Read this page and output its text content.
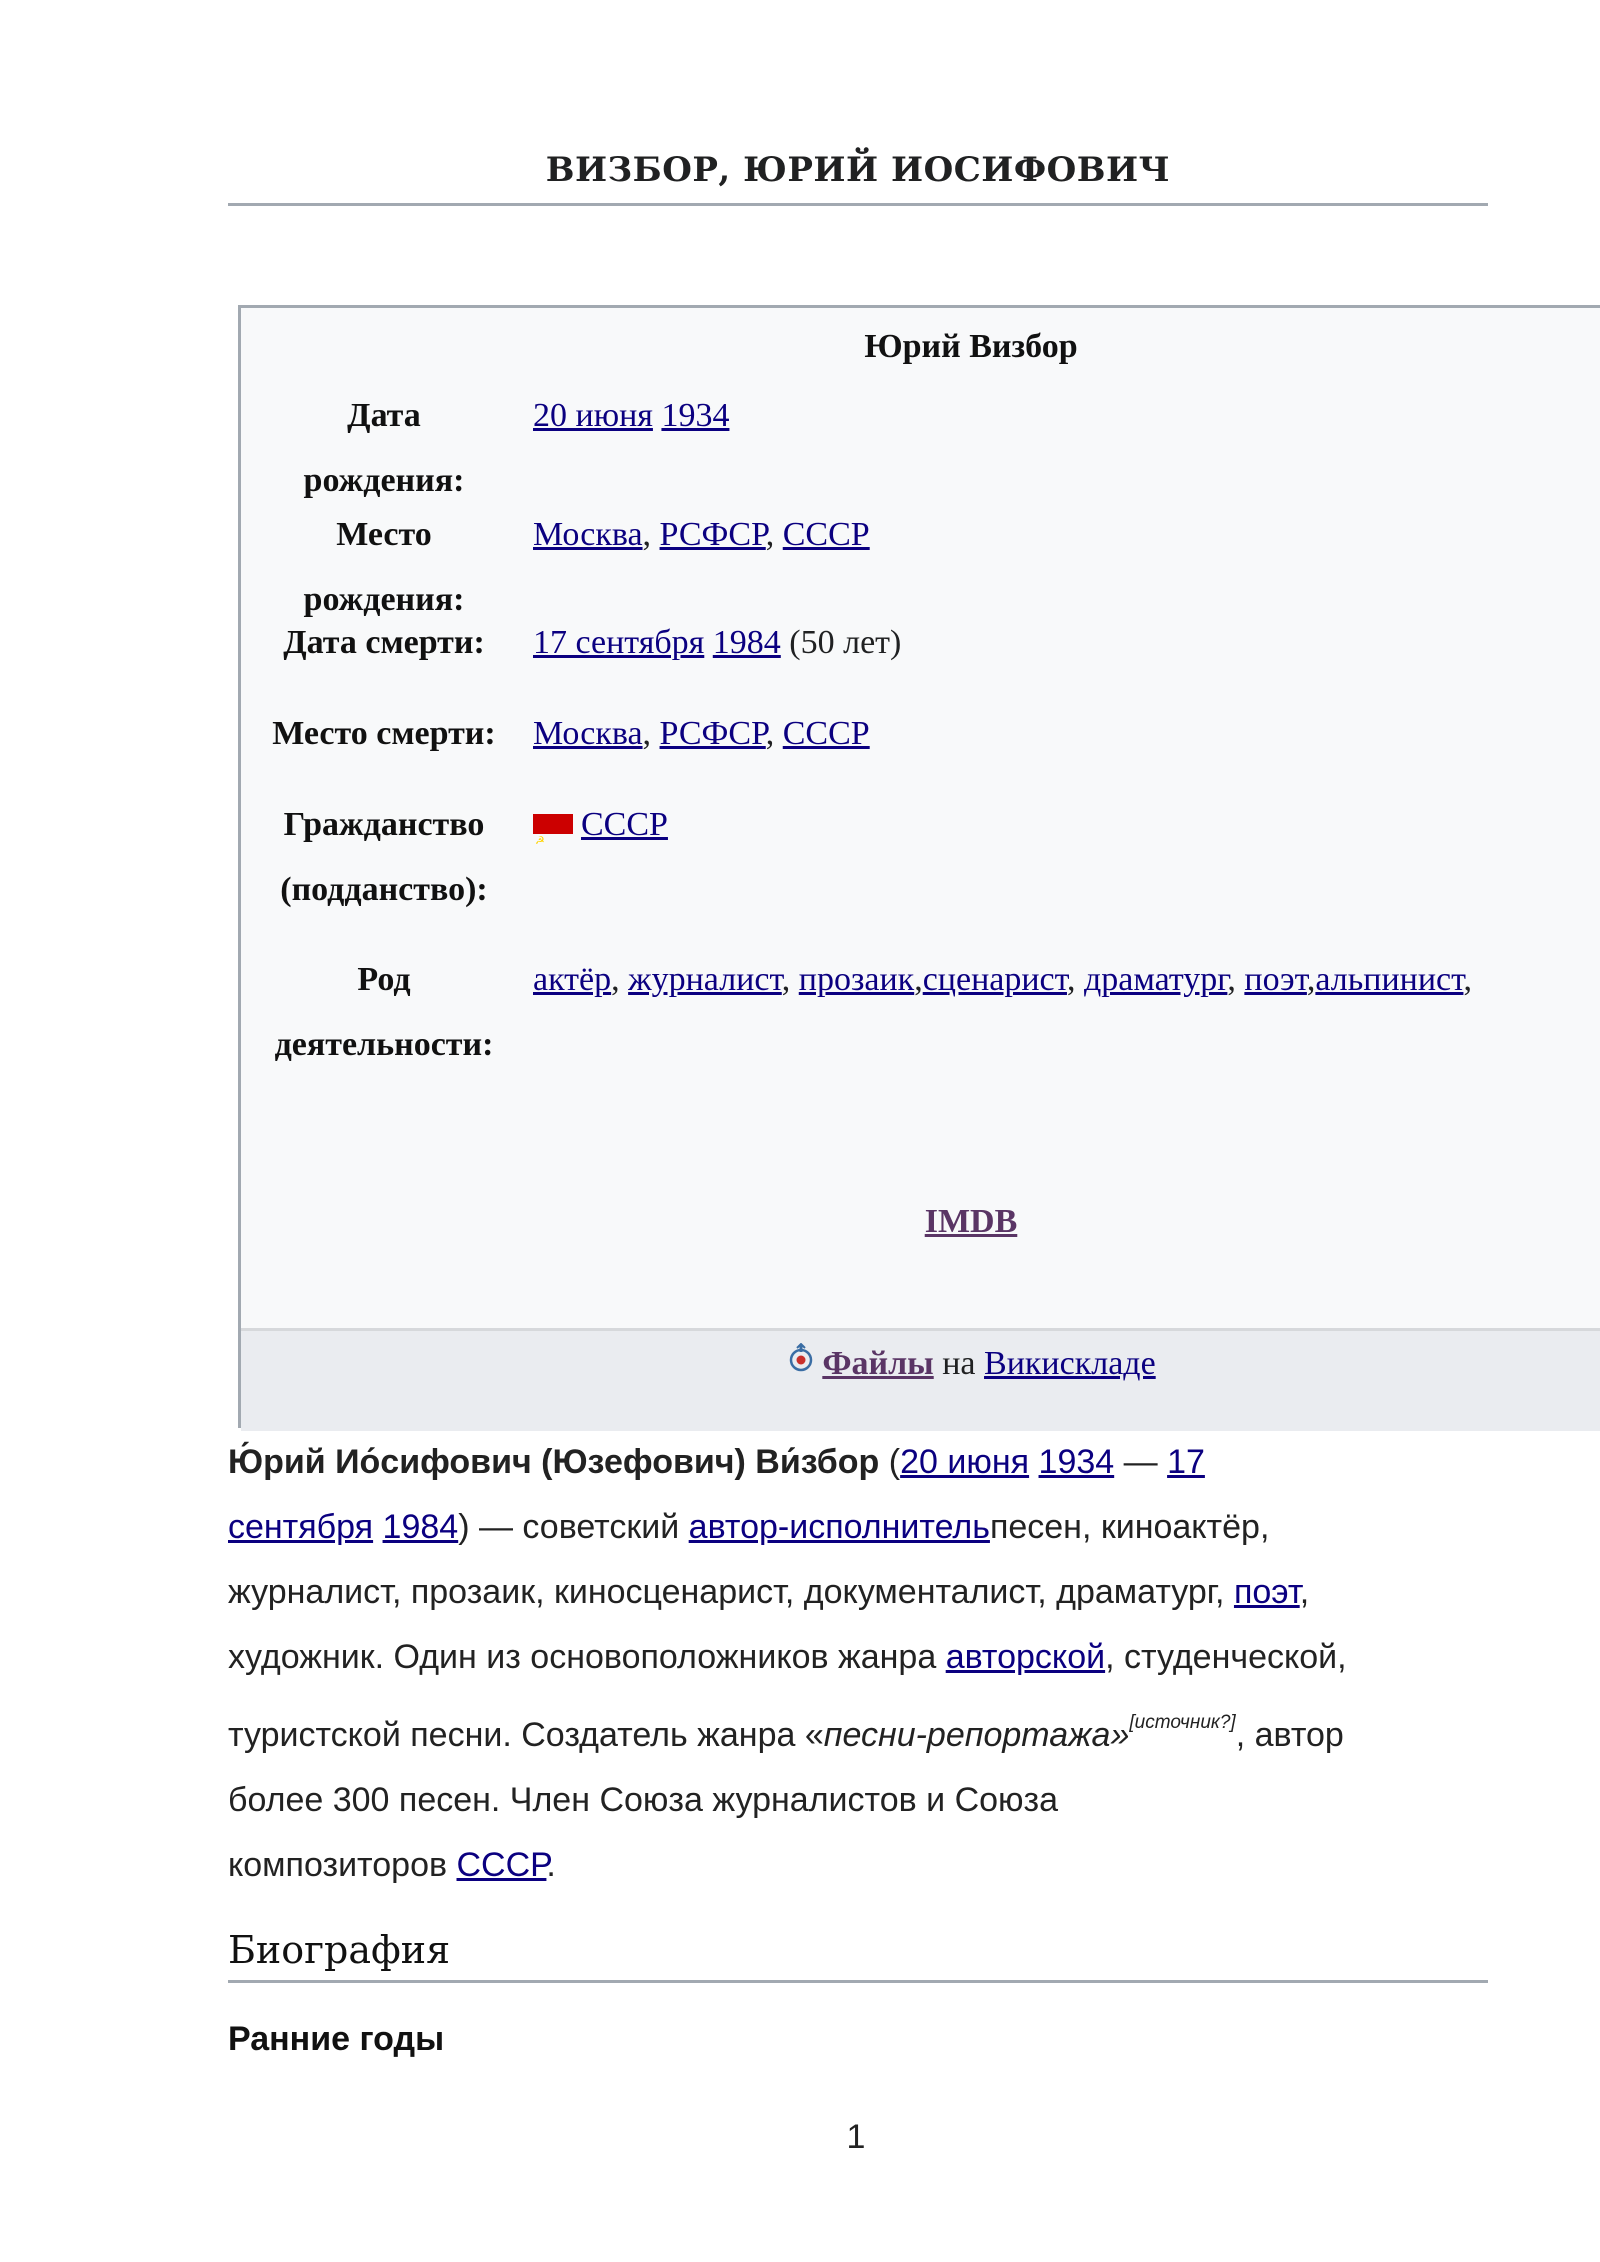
ВИЗБОР, ЮРИЙ ИОСИФОВИЧ
Юрий Визбор
Дата
рождения:
20 июня 1934
Место
рождения:
Москва, РСФСР, СССР
Дата смерти:	17 сентября 1984 (50 лет)
Место смерти:	Москва, РСФСР, СССР
Гражданство
(подданство):
☭СССР
Род
деятельности:
актёр, журналист, прозаик,сценарист, драматург, поэт,альпинист,
IMDB
Файлы на Викискладе
Ю́рий Ио́сифович (Юзефович) Ви́збор (20 июня 1934 — 17
сентября 1984) — советский автор-исполнительпесен, киноактёр,
журналист, прозаик, киносценарист, документалист, драматург, поэт,
художник. Один из основоположников жанра авторской, студенческой,
туристской песни. Создатель жанра «песни-репортажа»[источник?], автор
более 300 песен. Член Союза журналистов и Союза
композиторов СССР.
Биография
Ранние годы
1
